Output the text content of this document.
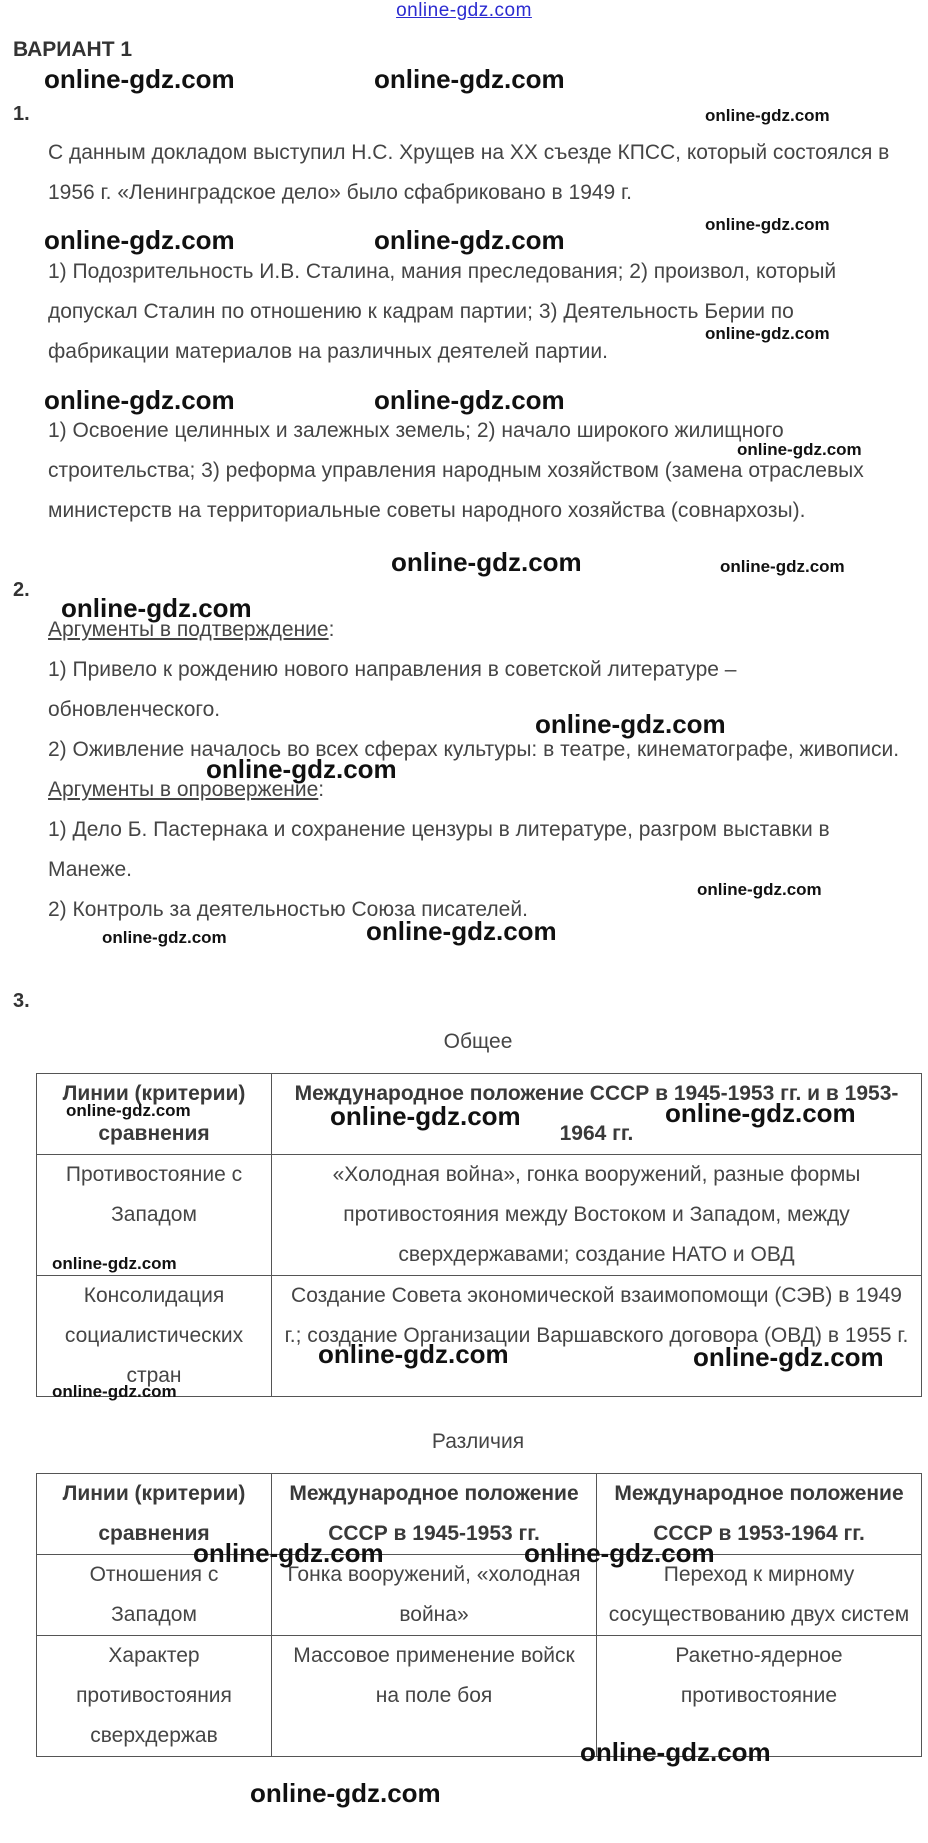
online-gdz.com
ВАРИАНТ 1
1.

С данным докладом выступил Н.С. Хрущев на ХХ съезде КПСС, который состоялся в 1956 г. «Ленинградское дело» было сфабриковано в 1949 г.

1) Подозрительность И.В. Сталина, мания преследования; 2) произвол, который допускал Сталин по отношению к кадрам партии; 3) Деятельность Берии по фабрикации материалов на различных деятелей партии.

1) Освоение целинных и залежных земель; 2) начало широкого жилищного строительства; 3) реформа управления народным хозяйством (замена отраслевых министерств на территориальные советы народного хозяйства (совнархозы).

2.

Аргументы в подтверждение:

1) Привело к рождению нового направления в советской литературе – обновленческого.

2) Оживление началось во всех сферах культуры: в театре, кинематографе, живописи.

Аргументы в опровержение:

1) Дело Б. Пастернака и сохранение цензуры в литературе, разгром выставки в Манеже.

2) Контроль за деятельностью Союза писателей.

3.
Общее
Линии (критерии) сравнения	Международное положение СССР в 1945-1953 гг. и в 1953-1964 гг.
Противостояние с Западом	«Холодная война», гонка вооружений, разные формы противостояния между Востоком и Западом, между сверхдержавами; создание НАТО и ОВД
Консолидация социалистических стран	Создание Совета экономической взаимопомощи (СЭВ) в 1949 г.; создание Организации Варшавского договора (ОВД) в 1955 г.
Различия
Линии (критерии) сравнения	Международное положение СССР в 1945-1953 гг.	Международное положение СССР в 1953-1964 гг.
Отношения с Западом	Гонка вооружений, «холодная война»	Переход к мирному сосуществованию двух систем
Характер противостояния сверхдержав	Массовое применение войск на поле боя	Ракетно-ядерное противостояние
online-gdz.com	online-gdz.com
online-gdz.com
online-gdz.com
online-gdz.com	online-gdz.com
online-gdz.com
online-gdz.com	online-gdz.com
online-gdz.com
online-gdz.com	online-gdz.com
online-gdz.com
online-gdz.com
online-gdz.com
online-gdz.com
online-gdz.com
online-gdz.com
online-gdz.com	online-gdz.com	online-gdz.com
online-gdz.com
online-gdz.com	online-gdz.com
online-gdz.com
online-gdz.com	online-gdz.com
online-gdz.com
online-gdz.com
